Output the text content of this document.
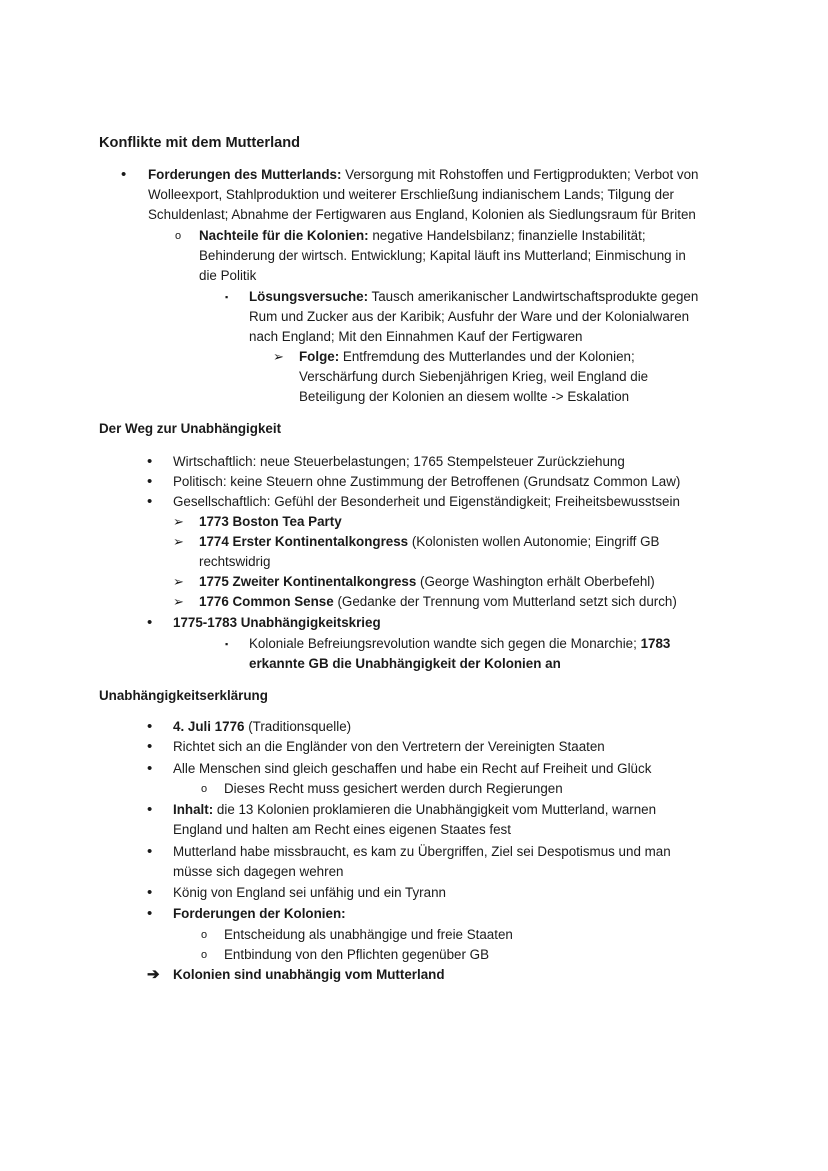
Konflikte mit dem Mutterland
• Forderungen des Mutterlands: Versorgung mit Rohstoffen und Fertigprodukten; Verbot von
Wolleexport, Stahlproduktion und weiterer Erschließung indianischem Lands; Tilgung der
Schuldenlast; Abnahme der Fertigwaren aus England, Kolonien als Siedlungsraum für Briten
o Nachteile für die Kolonien: negative Handelsbilanz; finanzielle Instabilität;
Behinderung der wirtsch. Entwicklung; Kapital läuft ins Mutterland; Einmischung in
die Politik
▪ Lösungsversuche: Tausch amerikanischer Landwirtschaftsprodukte gegen
Rum und Zucker aus der Karibik; Ausfuhr der Ware und der Kolonialwaren
nach England; Mit den Einnahmen Kauf der Fertigwaren
➢ Folge: Entfremdung des Mutterlandes und der Kolonien;
Verschärfung durch Siebenjährigen Krieg, weil England die
Beteiligung der Kolonien an diesem wollte -> Eskalation
Der Weg zur Unabhängigkeit
• Wirtschaftlich: neue Steuerbelastungen; 1765 Stempelsteuer Zurückziehung
• Politisch: keine Steuern ohne Zustimmung der Betroffenen (Grundsatz Common Law)
• Gesellschaftlich: Gefühl der Besonderheit und Eigenständigkeit; Freiheitsbewusstsein
➢ 1773 Boston Tea Party
➢ 1774 Erster Kontinentalkongress (Kolonisten wollen Autonomie; Eingriff GB
rechtswidrig
➢ 1775 Zweiter Kontinentalkongress (George Washington erhält Oberbefehl)
➢ 1776 Common Sense (Gedanke der Trennung vom Mutterland setzt sich durch)
• 1775-1783 Unabhängigkeitskrieg
▪ Koloniale Befreiungsrevolution wandte sich gegen die Monarchie; 1783
erkannte GB die Unabhängigkeit der Kolonien an
Unabhängigkeitserklärung
• 4. Juli 1776 (Traditionsquelle)
• Richtet sich an die Engländer von den Vertretern der Vereinigten Staaten
• Alle Menschen sind gleich geschaffen und habe ein Recht auf Freiheit und Glück
o Dieses Recht muss gesichert werden durch Regierungen
• Inhalt: die 13 Kolonien proklamieren die Unabhängigkeit vom Mutterland, warnen
England und halten am Recht eines eigenen Staates fest
• Mutterland habe missbraucht, es kam zu Übergriffen, Ziel sei Despotismus und man
müsse sich dagegen wehren
• König von England sei unfähig und ein Tyrann
• Forderungen der Kolonien:
o Entscheidung als unabhängige und freie Staaten
o Entbindung von den Pflichten gegenüber GB
➔ Kolonien sind unabhängig vom Mutterland
